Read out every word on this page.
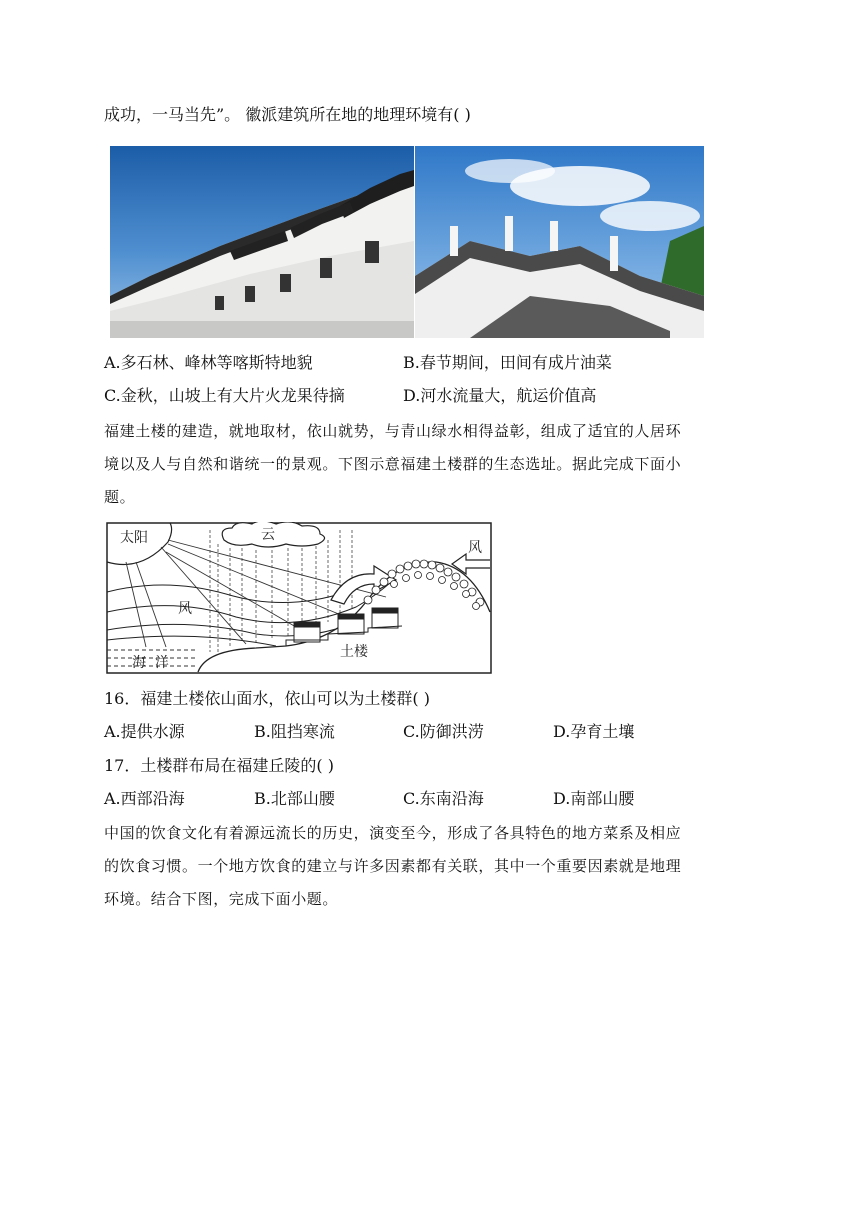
成功，一马当先”。 徽派建筑所在地的地理环境有( )
A.多石林、峰林等喀斯特地貌	B.春节期间，田间有成片油菜
C.金秋，山坡上有大片火龙果待摘	D.河水流量大，航运价值高
福建土楼的建造，就地取材，依山就势，与青山绿水相得益彰，组成了适宜的人居环
境以及人与自然和谐统一的景观。下图示意福建土楼群的生态选址。据此完成下面小
题。
太阳	云
风
风
土楼
海  洋
16．福建土楼依山面水，依山可以为土楼群( )
A.提供水源	B.阻挡寒流	C.防御洪涝	D.孕育土壤
17．土楼群布局在福建丘陵的( )
A.西部沿海	B.北部山腰	C.东南沿海	D.南部山腰
中国的饮食文化有着源远流长的历史，演变至今，形成了各具特色的地方菜系及相应
的饮食习惯。一个地方饮食的建立与许多因素都有关联，其中一个重要因素就是地理
环境。结合下图，完成下面小题。
